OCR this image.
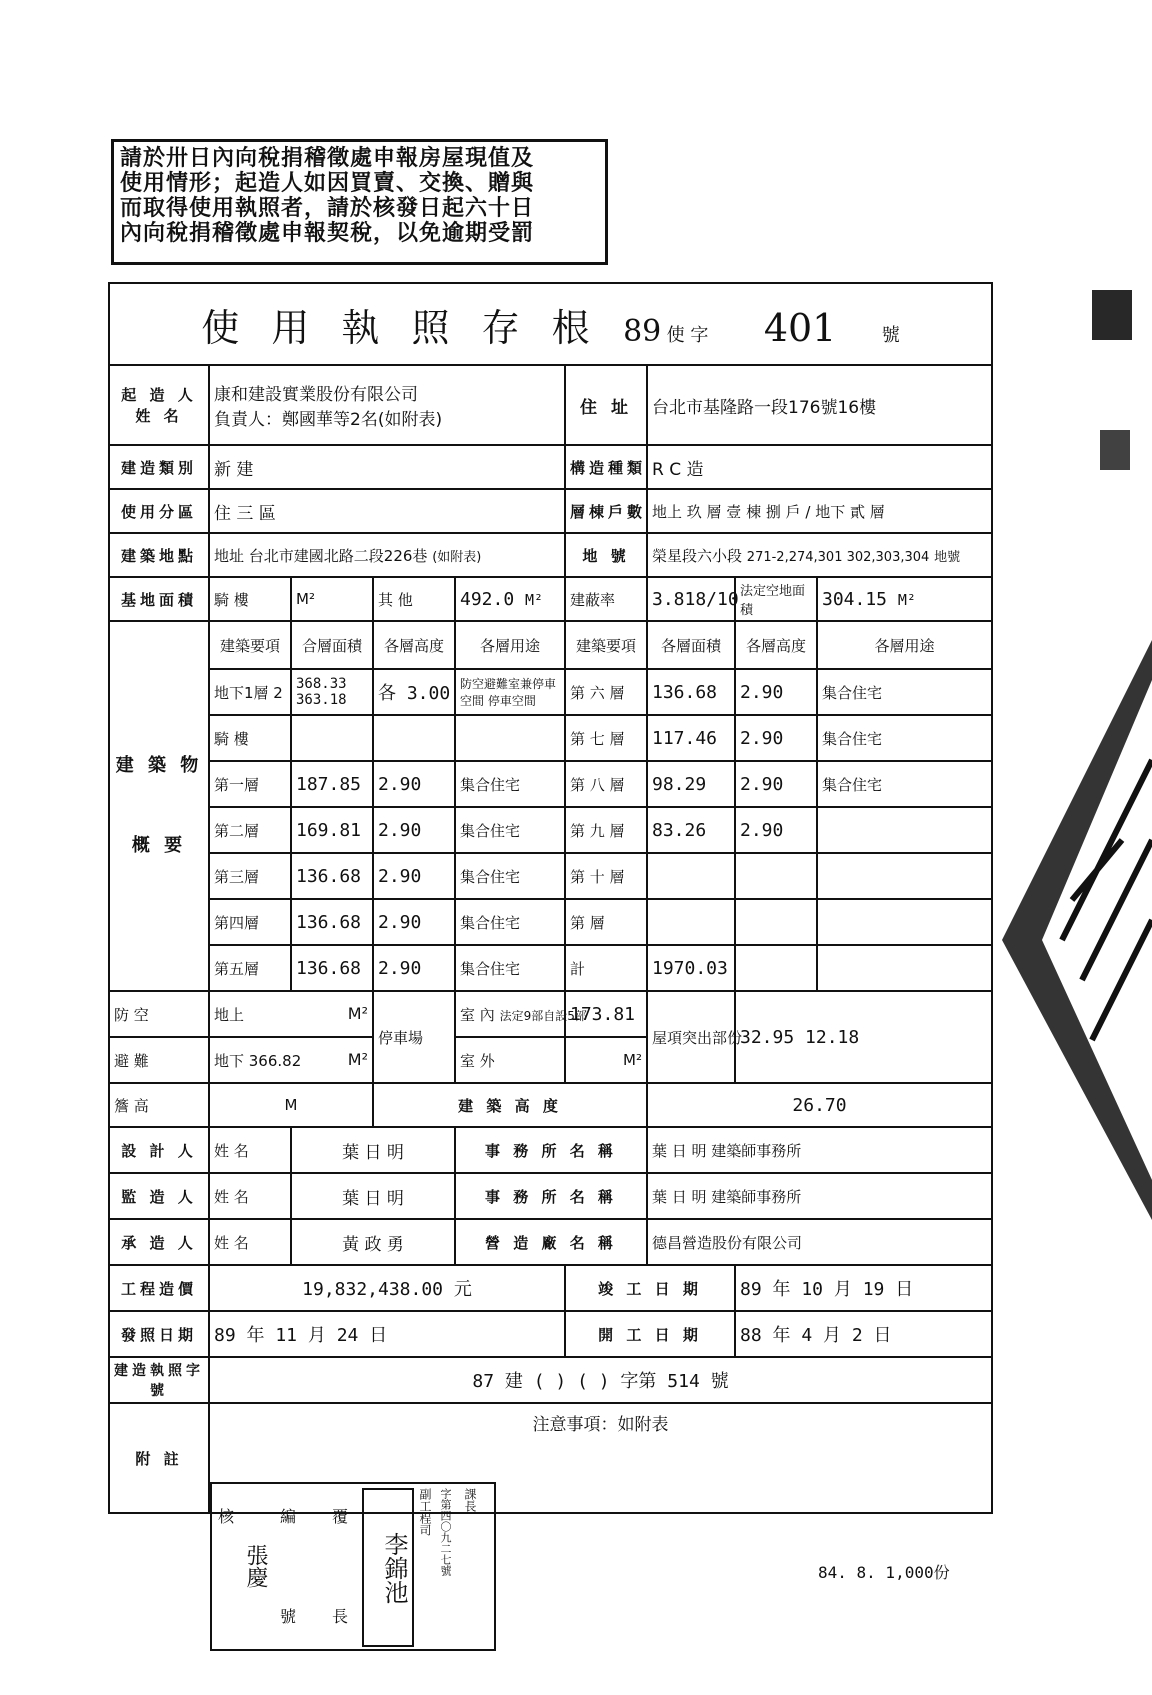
請於卅日內向稅捐稽徵處申報房屋現值及
使用情形；起造人如因買賣、交換、贈與
而取得使用執照者，請於核發日起六十日
內向稅捐稽徵處申報契稅，以免逾期受罰
使 用 執 照 存 根 89 使 字 401 號								
起 造 人 姓 名	康和建設實業股份有限公司
負責人：鄭國華等2名(如附表)				住 址	台北市基隆路一段176號16樓		
建造類別	新 建				構造種類	R C 造		
使用分區	住 三 區				層棟戶數	地上 玖 層 壹 棟 捌 戶 / 地下 貳 層		
建築地點	地址 台北市建國北路二段226巷 (如附表)				地 號	榮星段六小段 271-2,274,301 302,303,304 地號		
基地面積	騎 樓	M²	其 他	492.0 M²	建蔽率	3.818/10	法定空地面積	304.15 M²
建 築 物 概 要	建築要項	合層面積	各層高度	各層用途	建築要項	各層面積	各層高度	各層用途
	地下1層 2	368.33 363.18	各 3.00	防空避難室兼停車空間 停車空間	第 六 層	136.68	2.90	集合住宅
	騎 樓				第 七 層	117.46	2.90	集合住宅
	第一層	187.85	2.90	集合住宅	第 八 層	98.29	2.90	集合住宅
	第二層	169.81	2.90	集合住宅	第 九 層	83.26	2.90	
	第三層	136.68	2.90	集合住宅	第 十 層			
	第四層	136.68	2.90	集合住宅	第 層			
	第五層	136.68	2.90	集合住宅	計	1970.03		
防 空	地上 M²		停車場	室 內 法定9部自設5部	173.81	屋項突出部份	32.95 12.18	
避 難	地下 366.82 M²			室 外	M²			
簷 高	M		建 築 高 度			26.70		
設 計 人	姓 名	葉 日 明		事 務 所 名 稱		葉 日 明 建築師事務所		
監 造 人	姓 名	葉 日 明		事 務 所 名 稱		葉 日 明 建築師事務所		
承 造 人	姓 名	黃 政 勇		營 造 廠 名 稱		德昌營造股份有限公司		
工程造價	19,832,438.00 元				竣 工 日 期		89 年 10 月 19 日	
發照日期	89 年 11 月 24 日				開 工 日 期		88 年 4 月 2 日	
建造執照字號	87 建 ( ) ( ) 字第 514 號							
附 註	注意事項：如附表							
核	編 覆
號 長
張慶	李錦池
副工程司 字第四〇九二七號 課長
84. 8. 1,000份
